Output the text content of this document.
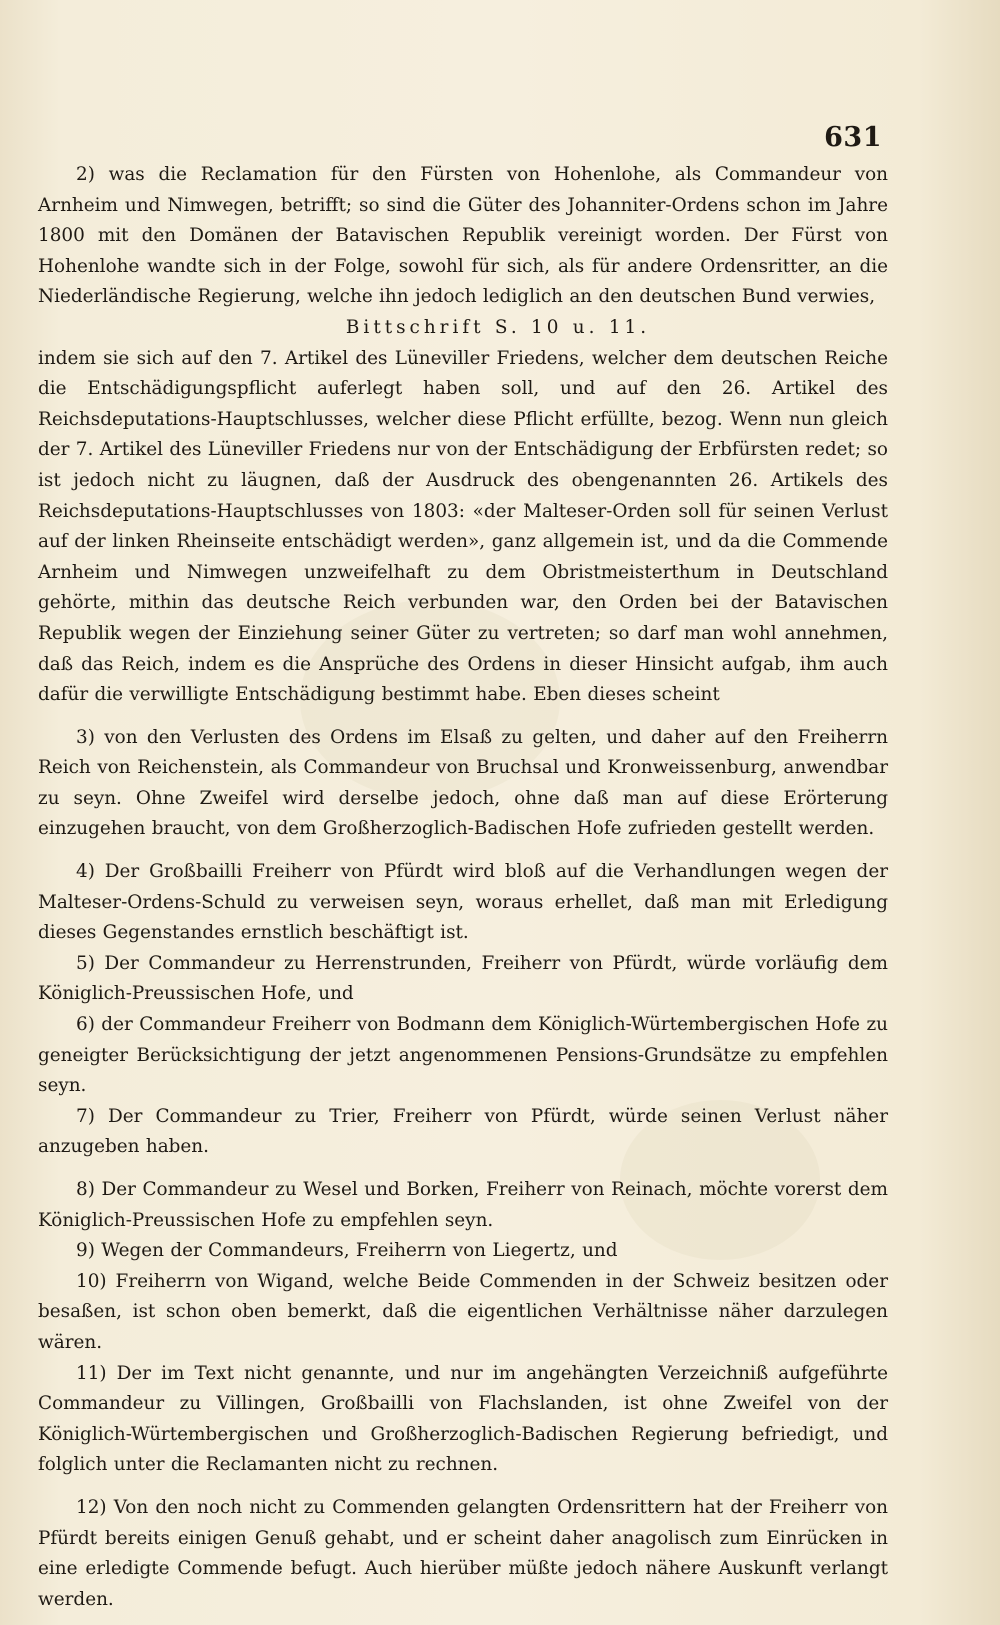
631

2) was die Reclamation für den Fürsten von Hohenlohe, als Commandeur von Arnheim und Nimwegen, betrifft; so sind die Güter des Johanniter-Ordens schon im Jahre 1800 mit den Domänen der Batavischen Republik vereinigt worden. Der Fürst von Hohenlohe wandte sich in der Folge, sowohl für sich, als für andere Ordensritter, an die Niederländische Regierung, welche ihn jedoch lediglich an den deutschen Bund verwies,

Bittschrift S. 10 u. 11.

indem sie sich auf den 7. Artikel des Lüneviller Friedens, welcher dem deutschen Reiche die Entschädigungspflicht auferlegt haben soll, und auf den 26. Artikel des Reichsdeputations-Hauptschlusses, welcher diese Pflicht erfüllte, bezog. Wenn nun gleich der 7. Artikel des Lüneviller Friedens nur von der Entschädigung der Erbfürsten redet; so ist jedoch nicht zu läugnen, daß der Ausdruck des obengenannten 26. Artikels des Reichsdeputations-Hauptschlusses von 1803: «der Malteser-Orden soll für seinen Verlust auf der linken Rheinseite entschädigt werden», ganz allgemein ist, und da die Commende Arnheim und Nimwegen unzweifelhaft zu dem Obristmeisterthum in Deutschland gehörte, mithin das deutsche Reich verbunden war, den Orden bei der Batavischen Republik wegen der Einziehung seiner Güter zu vertreten; so darf man wohl annehmen, daß das Reich, indem es die Ansprüche des Ordens in dieser Hinsicht aufgab, ihm auch dafür die verwilligte Entschädigung bestimmt habe. Eben dieses scheint

3) von den Verlusten des Ordens im Elsaß zu gelten, und daher auf den Freiherrn Reich von Reichenstein, als Commandeur von Bruchsal und Kronweissenburg, anwendbar zu seyn. Ohne Zweifel wird derselbe jedoch, ohne daß man auf diese Erörterung einzugehen braucht, von dem Großherzoglich-Badischen Hofe zufrieden gestellt werden.

4) Der Großbailli Freiherr von Pfürdt wird bloß auf die Verhandlungen wegen der Malteser-Ordens-Schuld zu verweisen seyn, woraus erhellet, daß man mit Erledigung dieses Gegenstandes ernstlich beschäftigt ist.

5) Der Commandeur zu Herrenstrunden, Freiherr von Pfürdt, würde vorläufig dem Königlich-Preussischen Hofe, und

6) der Commandeur Freiherr von Bodmann dem Königlich-Würtembergischen Hofe zu geneigter Berücksichtigung der jetzt angenommenen Pensions-Grundsätze zu empfehlen seyn.

7) Der Commandeur zu Trier, Freiherr von Pfürdt, würde seinen Verlust näher anzugeben haben.

8) Der Commandeur zu Wesel und Borken, Freiherr von Reinach, möchte vorerst dem Königlich-Preussischen Hofe zu empfehlen seyn.

9) Wegen der Commandeurs, Freiherrn von Liegertz, und

10) Freiherrn von Wigand, welche Beide Commenden in der Schweiz besitzen oder besaßen, ist schon oben bemerkt, daß die eigentlichen Verhältnisse näher darzulegen wären.

11) Der im Text nicht genannte, und nur im angehängten Verzeichniß aufgeführte Commandeur zu Villingen, Großbailli von Flachslanden, ist ohne Zweifel von der Königlich-Würtembergischen und Großherzoglich-Badischen Regierung befriedigt, und folglich unter die Reclamanten nicht zu rechnen.

12) Von den noch nicht zu Commenden gelangten Ordensrittern hat der Freiherr von Pfürdt bereits einigen Genuß gehabt, und er scheint daher anagolisch zum Einrücken in eine erledigte Commende befugt. Auch hierüber müßte jedoch nähere Auskunft verlangt werden.
